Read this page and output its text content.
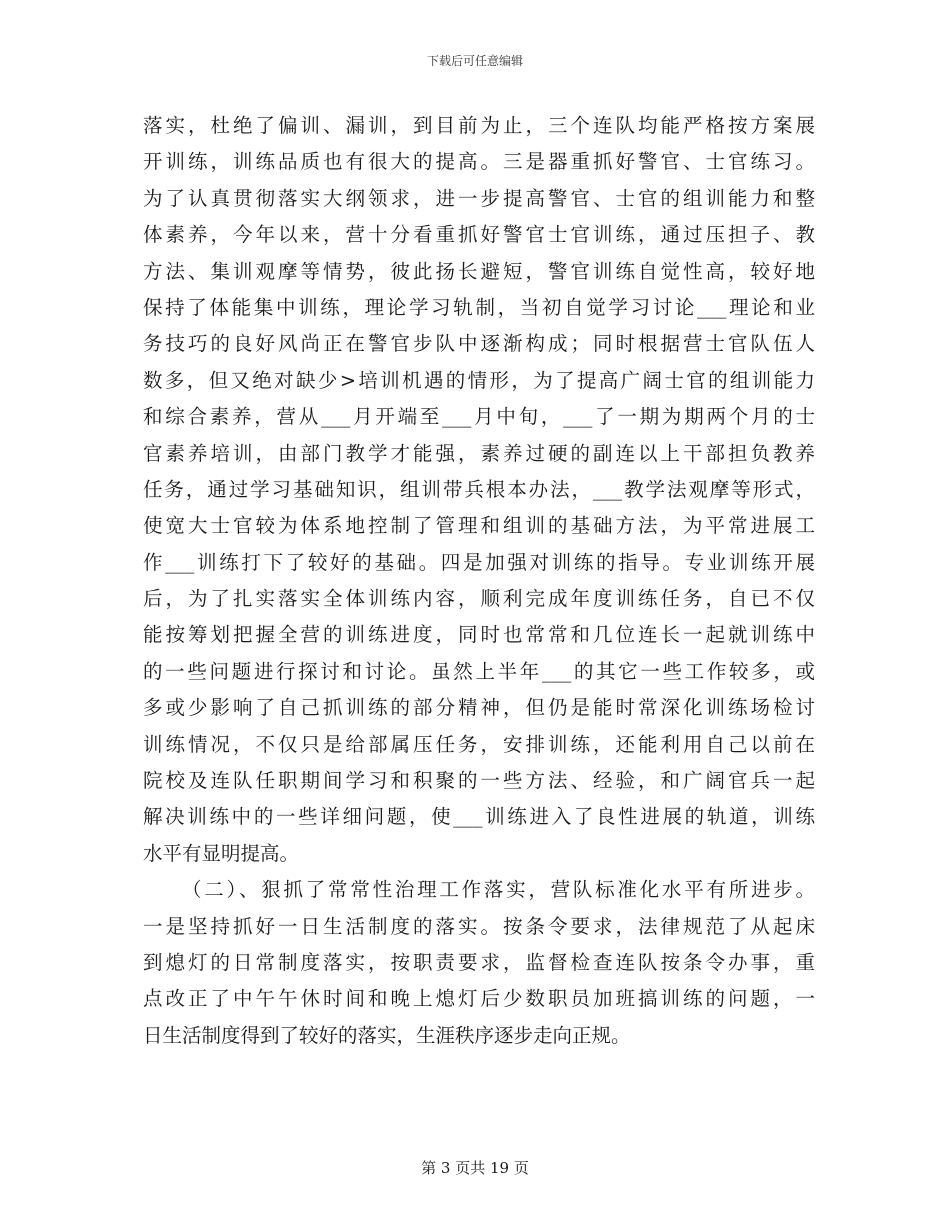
下载后可任意编辑
落实，杜绝了偏训、漏训，到目前为止，三个连队均能严格按方案展
开训练，训练品质也有很大的提高。三是器重抓好警官、士官练习。
为了认真贯彻落实大纲领求，进一步提高警官、士官的组训能力和整
体素养，今年以来，营十分看重抓好警官士官训练，通过压担子、教
方法、集训观摩等情势，彼此扬长避短，警官训练自觉性高，较好地
保持了体能集中训练，理论学习轨制，当初自觉学习讨论___理论和业
务技巧的良好风尚正在警官步队中逐渐构成；同时根据营士官队伍人
数多，但又绝对缺少>培训机遇的情形，为了提高广阔士官的组训能力
和综合素养，营从___月开端至___月中旬，___了一期为期两个月的士
官素养培训，由部门教学才能强，素养过硬的副连以上干部担负教养
任务，通过学习基础知识，组训带兵根本办法，___教学法观摩等形式，
使宽大士官较为体系地控制了管理和组训的基础方法，为平常进展工
作___训练打下了较好的基础。四是加强对训练的指导。专业训练开展
后，为了扎实落实全体训练内容，顺利完成年度训练任务，自已不仅
能按筹划把握全营的训练进度，同时也常常和几位连长一起就训练中
的一些问题进行探讨和讨论。虽然上半年___的其它一些工作较多，或
多或少影响了自己抓训练的部分精神，但仍是能时常深化训练场检讨
训练情况，不仅只是给部属压任务，安排训练，还能利用自己以前在
院校及连队任职期间学习和积聚的一些方法、经验，和广阔官兵一起
解决训练中的一些详细问题，使___训练进入了良性进展的轨道，训练
水平有显明提高。
（二）、狠抓了常常性治理工作落实，营队标准化水平有所进步。
一是坚持抓好一日生活制度的落实。按条令要求，法律规范了从起床
到熄灯的日常制度落实，按职责要求，监督检查连队按条令办事，重
点改正了中午午休时间和晚上熄灯后少数职员加班搞训练的问题，一
日生活制度得到了较好的落实，生涯秩序逐步走向正规。
第 3 页共 19 页
